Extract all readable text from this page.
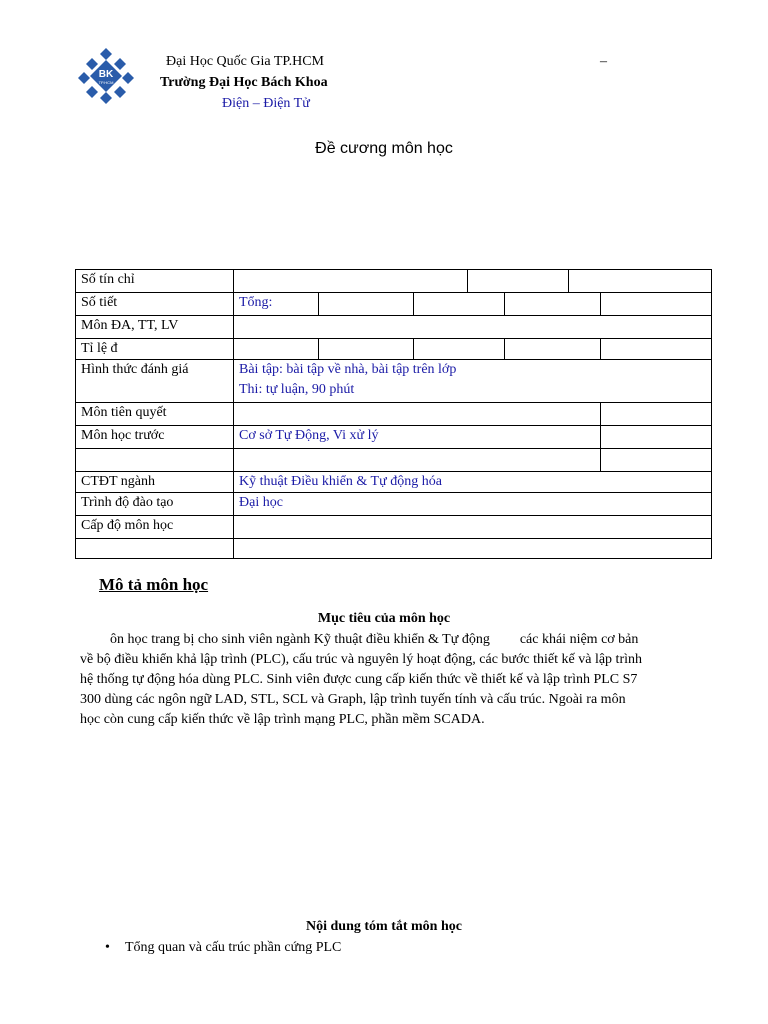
BK
TP.HCM
Đại Học Quốc Gia TP.HCM
Trường Đại Học Bách Khoa
Điện – Điện Tử
–
Đề cương môn học
Số tín chỉ							
Số tiết	Tổng:						
Môn ĐA, TT, LV							
Tỉ lệ đ							
Hình thức đánh giá	Bài tập: bài tập về nhà, bài tập trên lớp
Thi: tự luận, 90 phút						

Môn tiên quyết							
Môn học trước	Cơ sở Tự Động, Vi xử lý						

CTĐT ngành	Kỹ thuật Điều khiển & Tự động hóa						
Trình độ đào tạo	Đại học						
Cấp độ môn học							

Mô tả môn học
Mục tiêu của môn học
ôn học trang bị cho sinh viên ngành Kỹ thuật điều khiển & Tự động các khái niệm cơ bản
về bộ điều khiển khả lập trình (PLC), cấu trúc và nguyên lý hoạt động, các bước thiết kế và lập trình
hệ thống tự động hóa dùng PLC. Sinh viên được cung cấp kiến thức về thiết kế và lập trình PLC S7
300 dùng các ngôn ngữ LAD, STL, SCL và Graph, lập trình tuyến tính và cấu trúc. Ngoài ra môn
học còn cung cấp kiến thức về lập trình mạng PLC, phần mềm SCADA.
Nội dung tóm tắt môn học
• Tổng quan và cấu trúc phần cứng PLC
